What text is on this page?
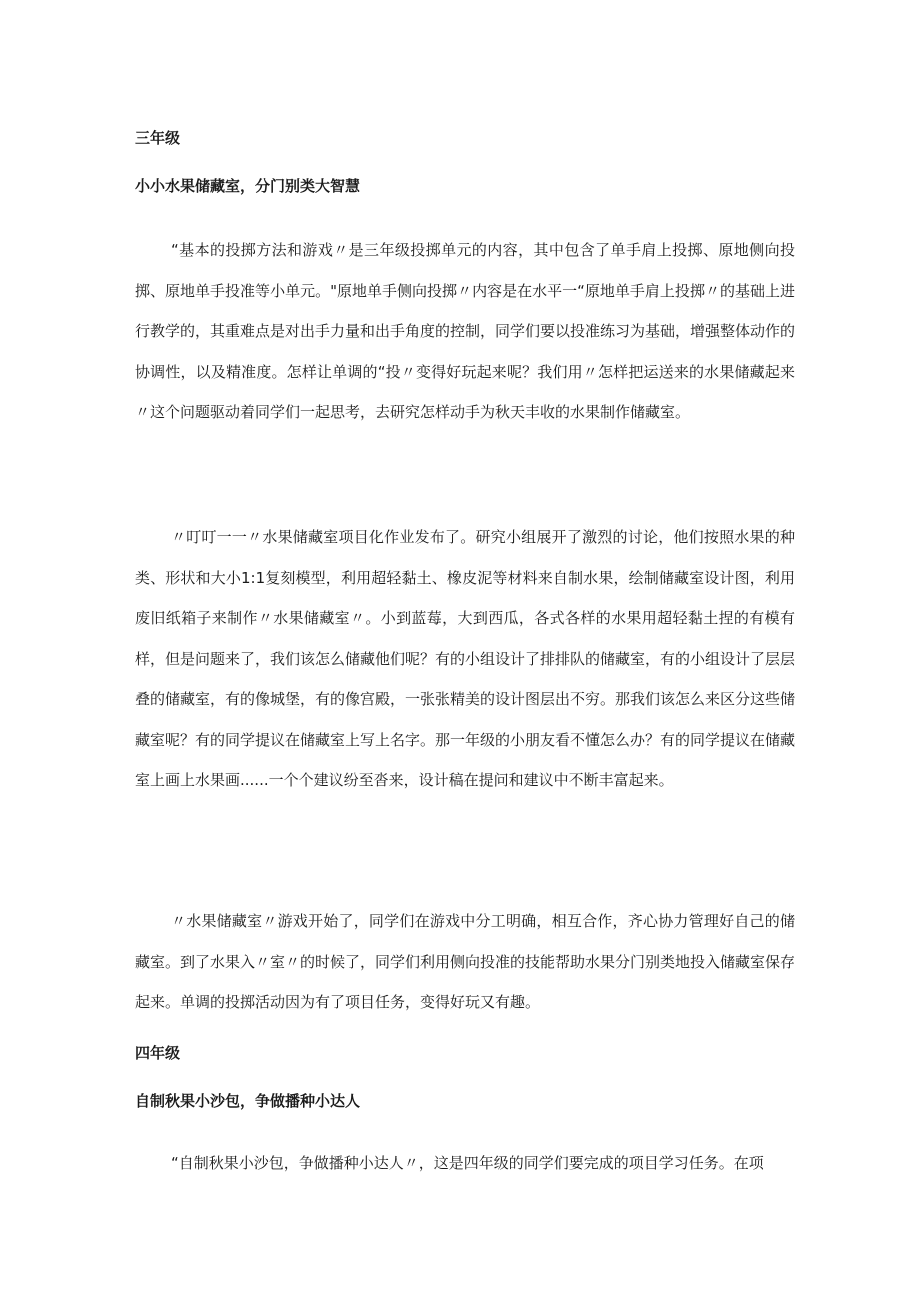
三年级
小小水果储藏室，分门别类大智慧

“基本的投掷方法和游戏〃是三年级投掷单元的内容，其中包含了单手肩上投掷、原地侧向投掷、原地单手投准等小单元。"原地单手侧向投掷〃内容是在水平一“原地单手肩上投掷〃的基础上进行教学的，其重难点是对出手力量和出手角度的控制，同学们要以投准练习为基础，增强整体动作的协调性，以及精准度。怎样让单调的“投〃变得好玩起来呢？我们用〃怎样把运送来的水果储藏起来〃这个问题驱动着同学们一起思考，去研究怎样动手为秋天丰收的水果制作储藏室。

〃叮叮一一〃水果储藏室项目化作业发布了。研究小组展开了激烈的讨论，他们按照水果的种类、形状和大小1:1复刻模型，利用超轻黏土、橡皮泥等材料来自制水果，绘制储藏室设计图，利用废旧纸箱子来制作〃水果储藏室〃。小到蓝莓，大到西瓜，各式各样的水果用超轻黏土捏的有模有样，但是问题来了，我们该怎么储藏他们呢？有的小组设计了排排队的储藏室，有的小组设计了层层叠的储藏室，有的像城堡，有的像宫殿，一张张精美的设计图层出不穷。那我们该怎么来区分这些储藏室呢？有的同学提议在储藏室上写上名字。那一年级的小朋友看不懂怎么办？有的同学提议在储藏室上画上水果画......一个个建议纷至沓来，设计稿在提问和建议中不断丰富起来。

〃水果储藏室〃游戏开始了，同学们在游戏中分工明确，相互合作，齐心协力管理好自己的储藏室。到了水果入〃室〃的时候了，同学们利用侧向投准的技能帮助水果分门别类地投入储藏室保存起来。单调的投掷活动因为有了项目任务，变得好玩又有趣。

四年级
自制秋果小沙包，争做播种小达人

“自制秋果小沙包，争做播种小达人〃，这是四年级的同学们要完成的项目学习任务。在项
